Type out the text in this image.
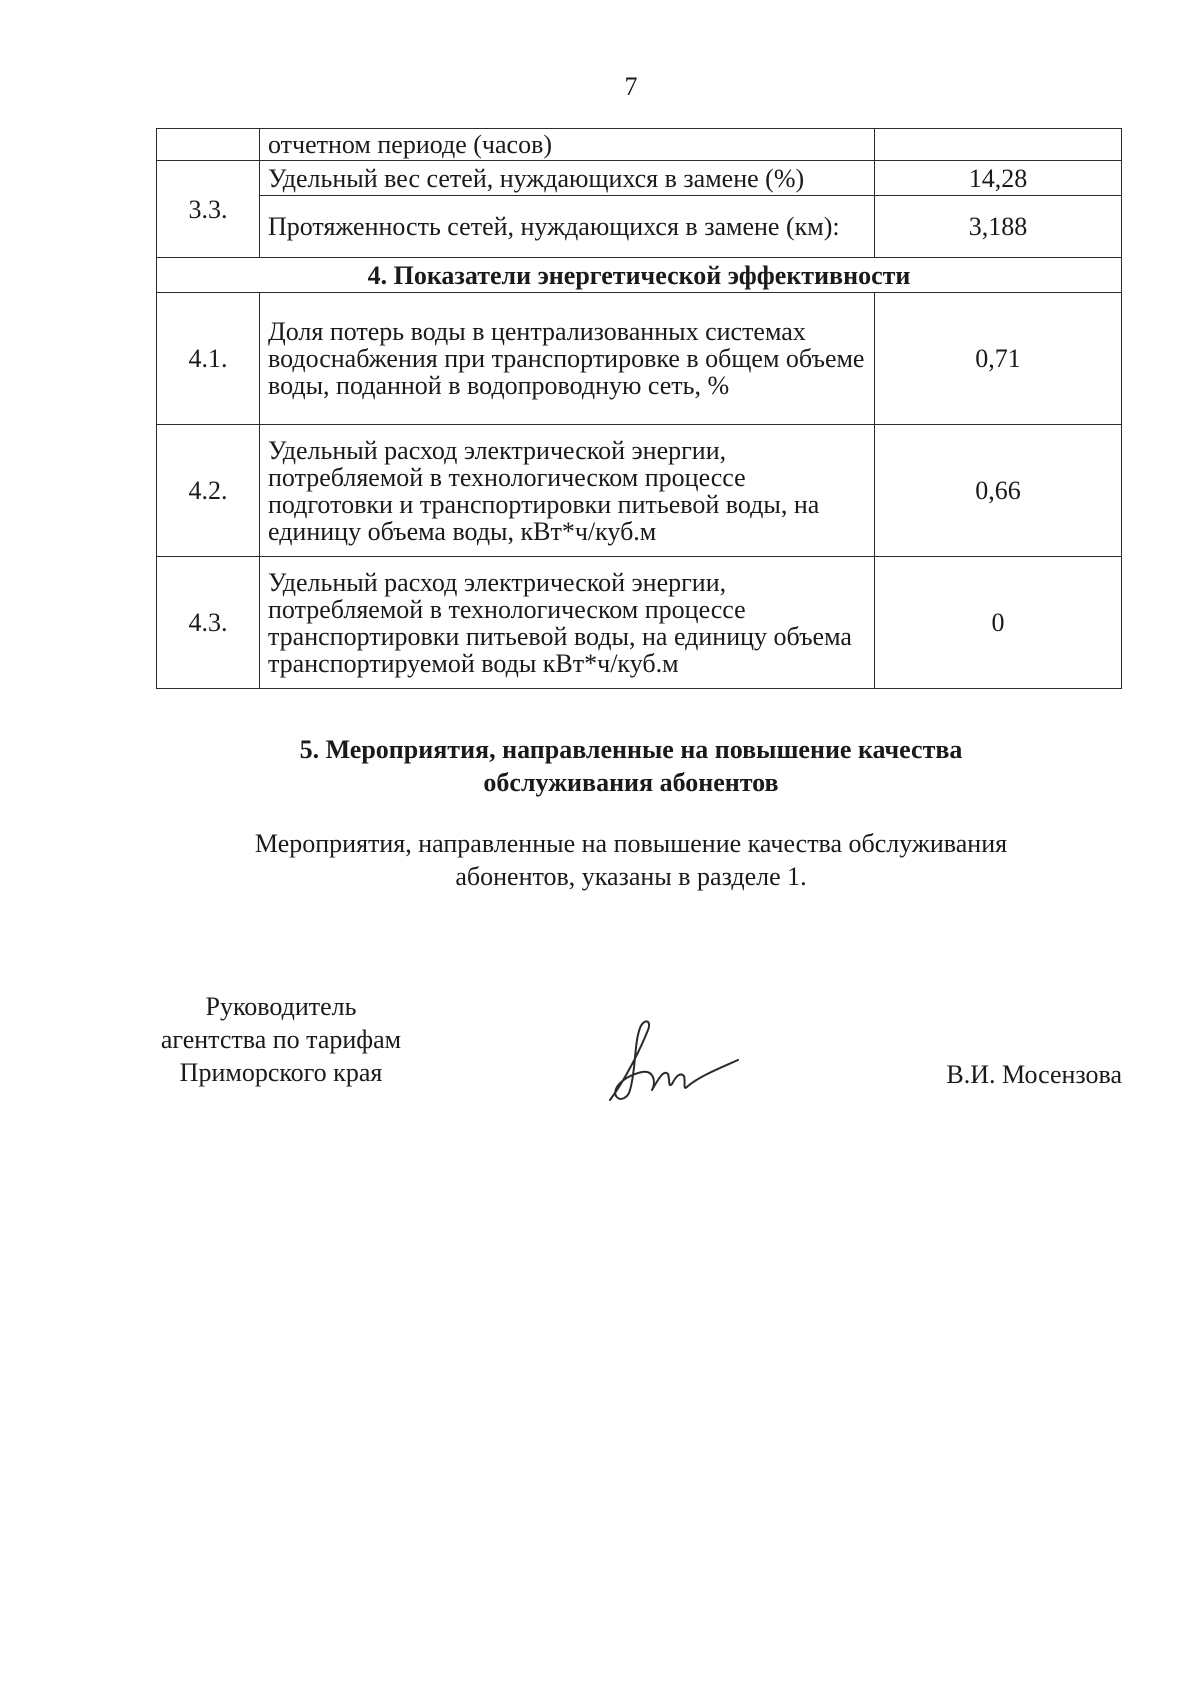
7
	отчетном периоде (часов)	
3.3.	Удельный вес сетей, нуждающихся в замене (%)	14,28
	Протяженность сетей, нуждающихся в замене (км):	3,188
4. Показатели энергетической эффективности		
4.1.	Доля потерь воды в централизованных системах водоснабжения при транспортировке в общем объеме воды, поданной в водопроводную сеть, %	0,71
4.2.	Удельный расход электрической энергии, потребляемой в технологическом процессе подготовки и транспортировки питьевой воды, на единицу объема воды, кВт*ч/куб.м	0,66
4.3.	Удельный расход электрической энергии, потребляемой в технологическом процессе транспортировки питьевой воды, на единицу объема транспортируемой воды кВт*ч/куб.м	0
5. Мероприятия, направленные на повышение качества
обслуживания абонентов
Мероприятия, направленные на повышение качества обслуживания
абонентов, указаны в разделе 1.
Руководитель
агентства по тарифам
Приморского края	В.И. Мосензова
